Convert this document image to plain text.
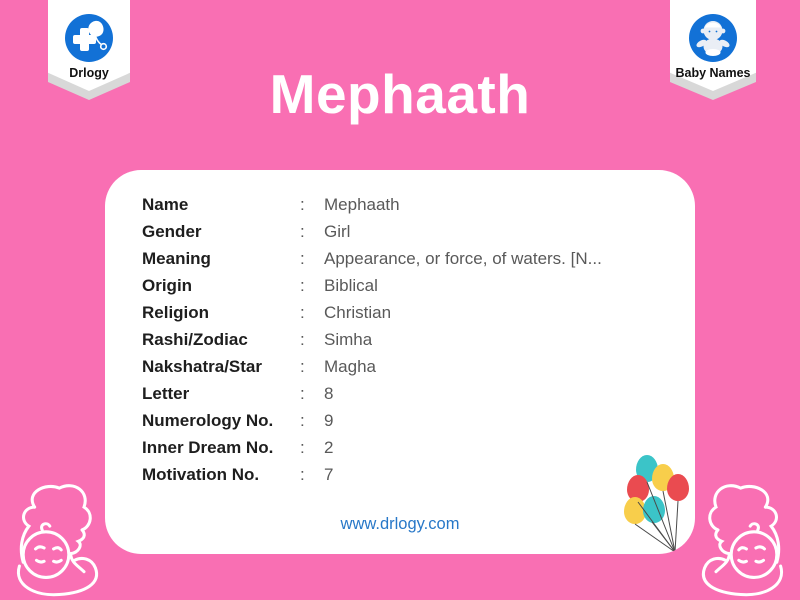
Drlogy	Baby Names
Mephaath
Name	:	Mephaath
Gender	:	Girl
Meaning	:	Appearance, or force, of waters. [N...
Origin	:	Biblical
Religion	:	Christian
Rashi/Zodiac	:	Simha
Nakshatra/Star	:	Magha
Letter	:	8
Numerology No.	:	9
Inner Dream No.	:	2
Motivation No.	:	7
www.drlogy.com
